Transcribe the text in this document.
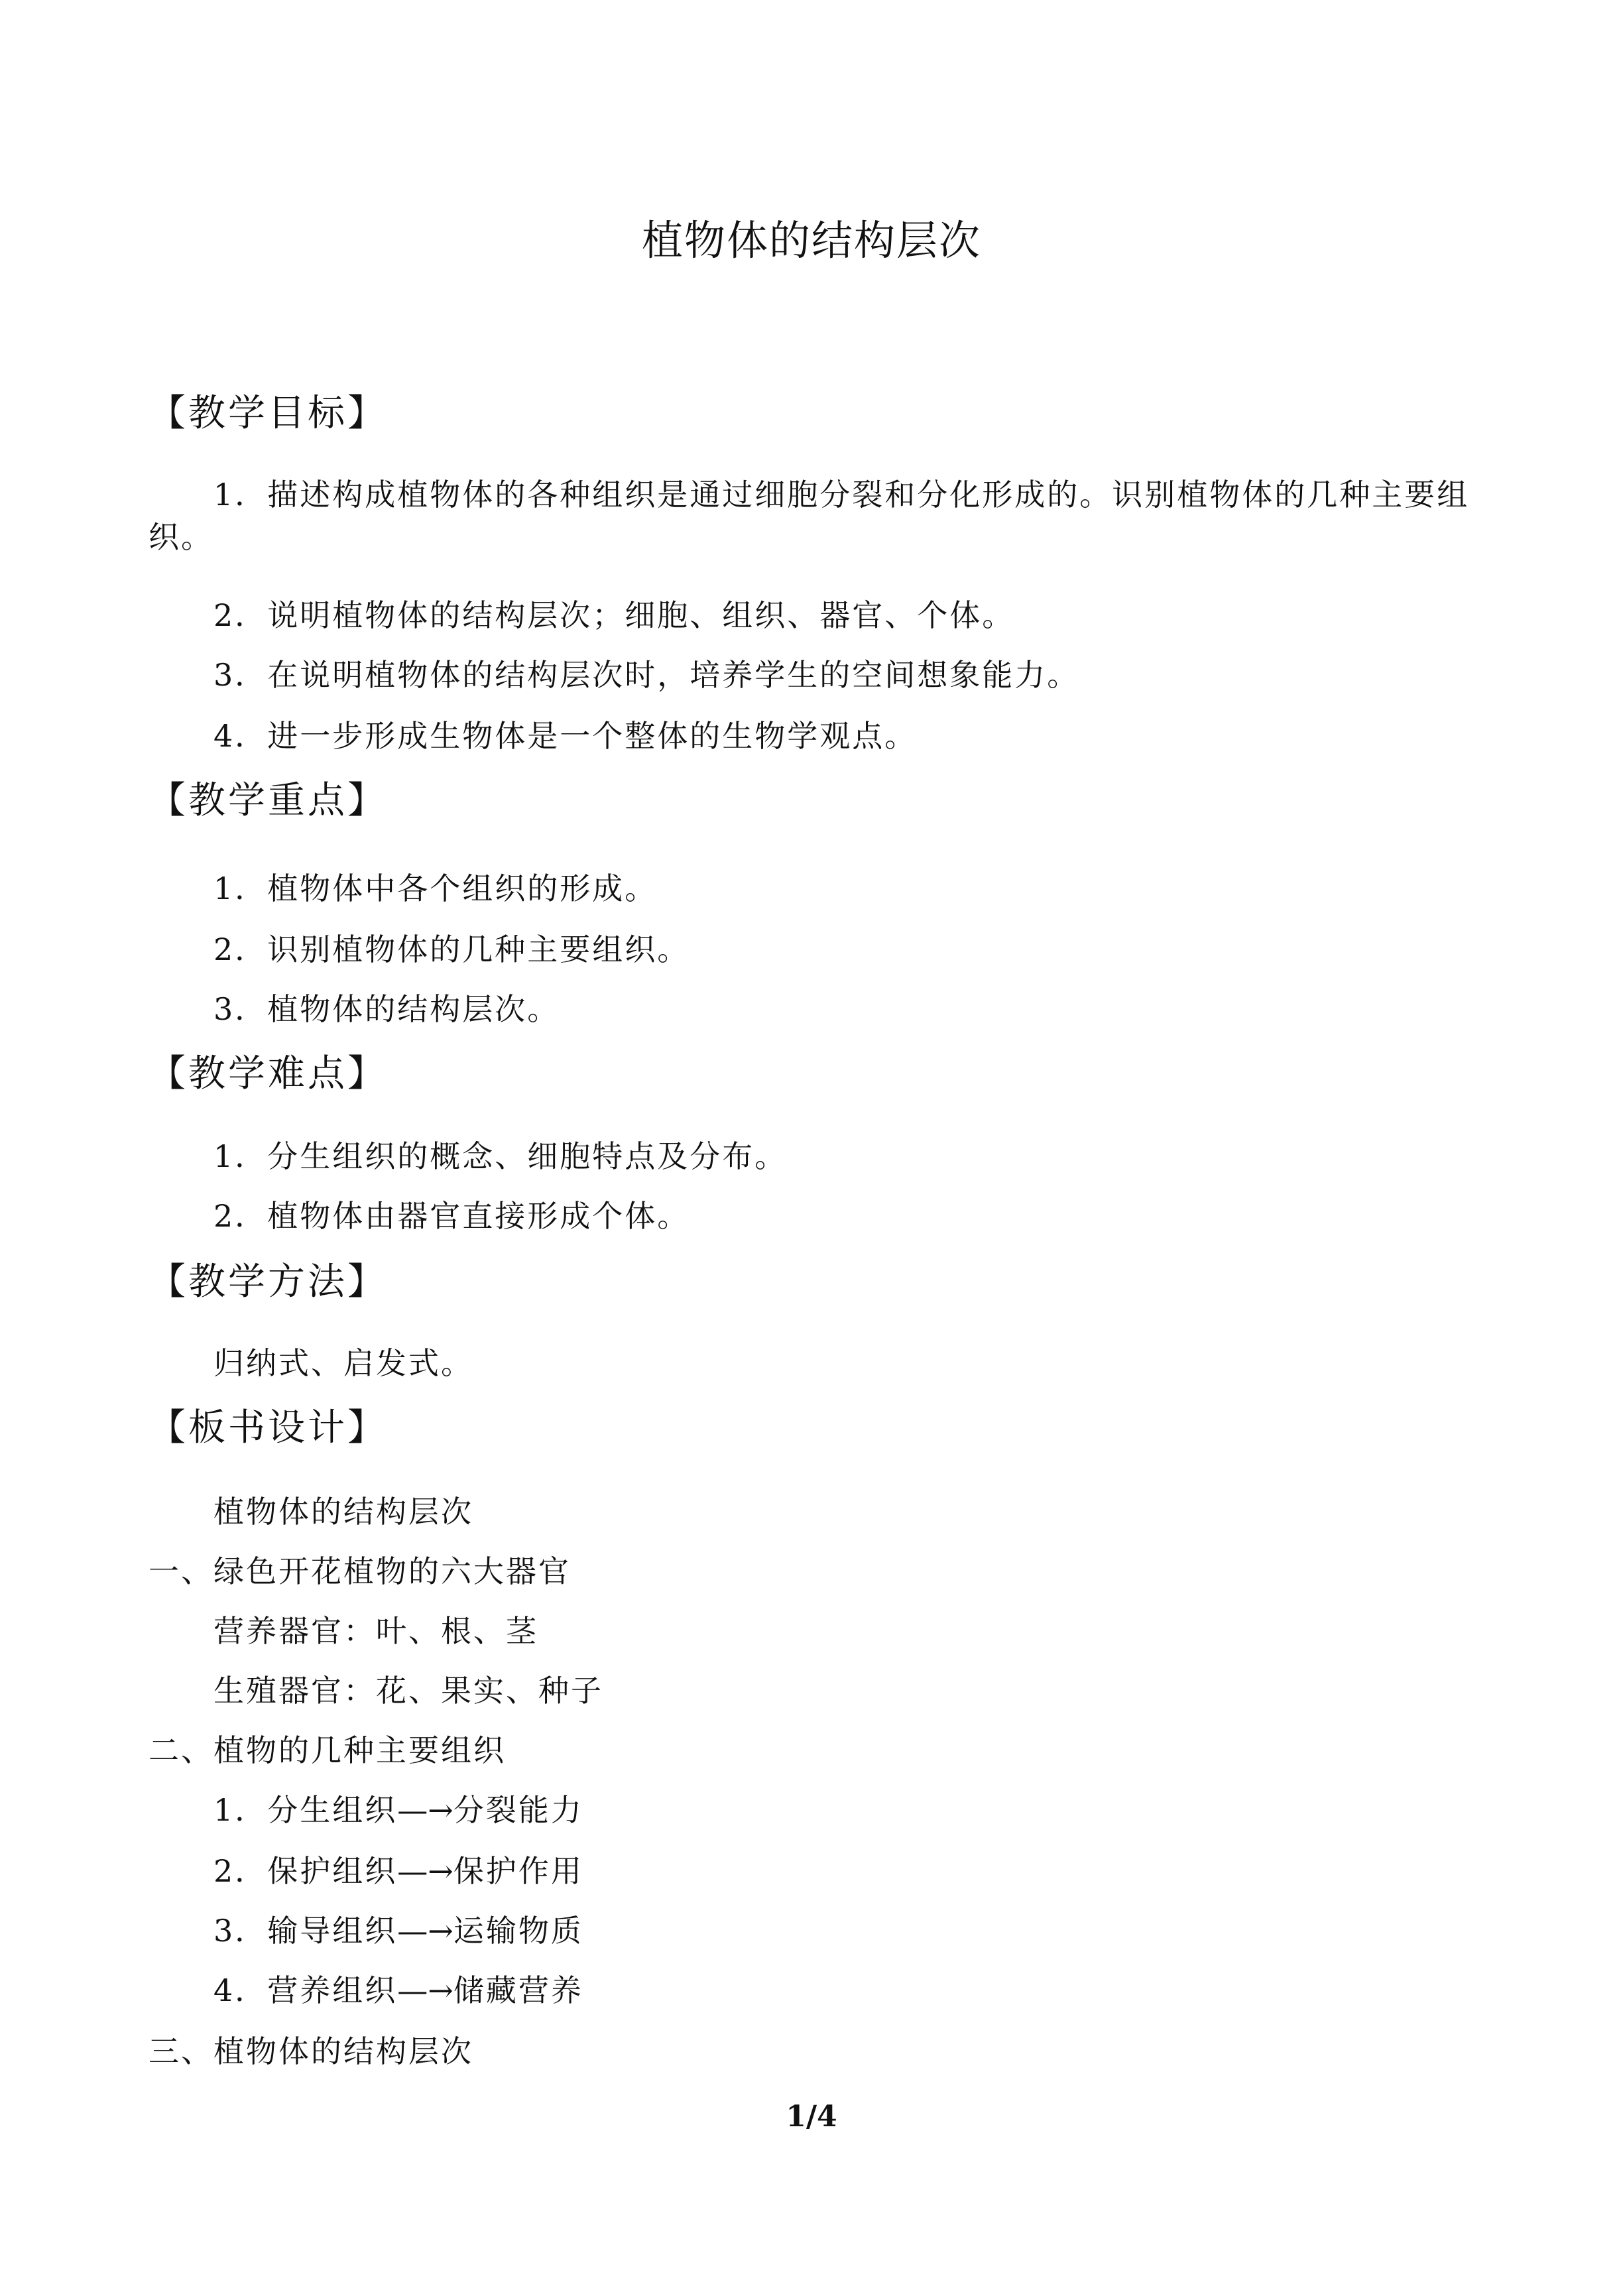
植物体的结构层次
【教学目标】
1．描述构成植物体的各种组织是通过细胞分裂和分化形成的。识别植物体的几种主要组织。
2．说明植物体的结构层次；细胞、组织、器官、个体。
3．在说明植物体的结构层次时，培养学生的空间想象能力。
4．进一步形成生物体是一个整体的生物学观点。
【教学重点】
1．植物体中各个组织的形成。
2．识别植物体的几种主要组织。
3．植物体的结构层次。
【教学难点】
1．分生组织的概念、细胞特点及分布。
2．植物体由器官直接形成个体。
【教学方法】
归纳式、启发式。
【板书设计】
植物体的结构层次
一、绿色开花植物的六大器官
营养器官：叶、根、茎
生殖器官：花、果实、种子
二、植物的几种主要组织
1．分生组织—→分裂能力
2．保护组织—→保护作用
3．输导组织—→运输物质
4．营养组织—→储藏营养
三、植物体的结构层次
1/4
